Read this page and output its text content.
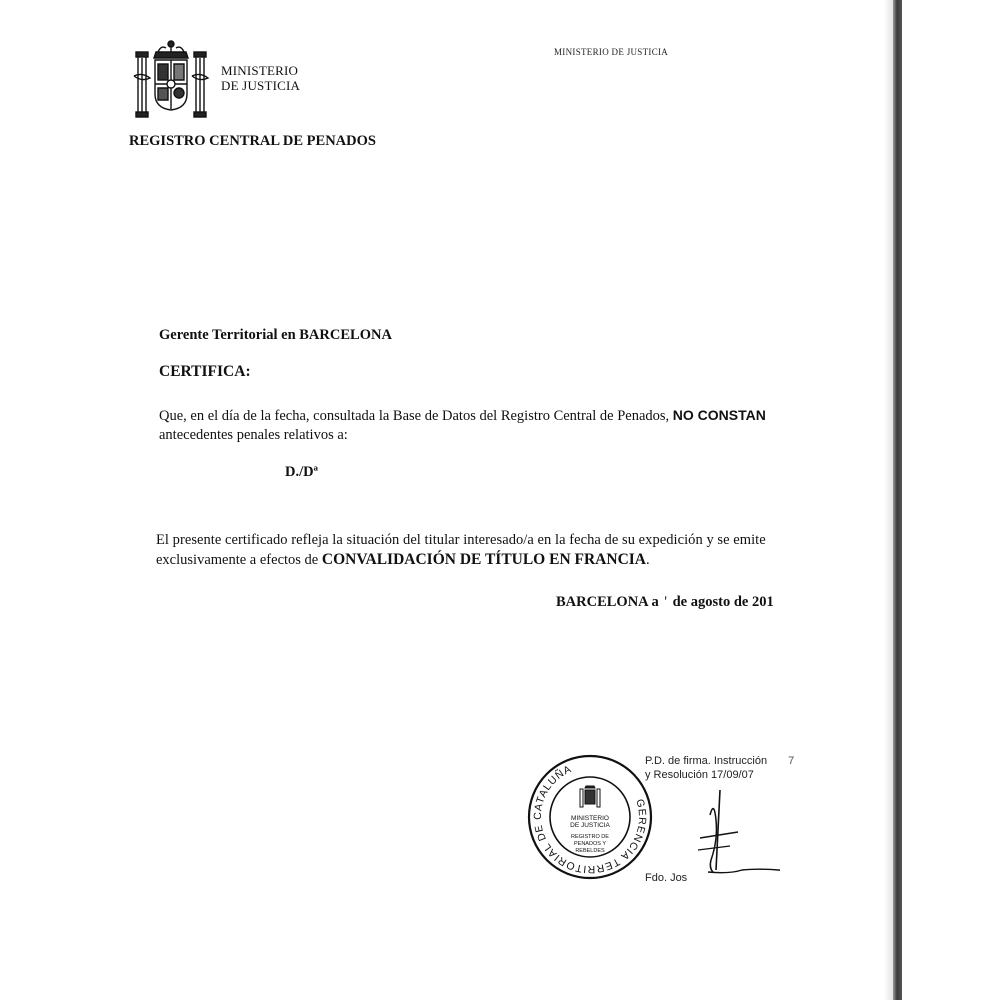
MINISTERIO
DE JUSTICIA
MINISTERIO DE JUSTICIA
REGISTRO CENTRAL DE PENADOS
Gerente Territorial en BARCELONA
CERTIFICA:
Que, en el día de la fecha, consultada la Base de Datos del Registro Central de Penados, NO CONSTAN
antecedentes penales relativos a:
D./Dª
El presente certificado refleja la situación del titular interesado/a en la fecha de su expedición y se emite
exclusivamente a efectos de CONVALIDACIÓN DE TÍTULO EN FRANCIA.
BARCELONA a ' de agosto de 201
P.D. de firma. Instrucción 7
y Resolución 17/09/07
Fdo. Jos
GERENCIA TERRITORIAL DE CATALUÑA
MINISTERIO
DE JUSTICIA
REGISTRO DE
PENADOS Y
REBELDES
